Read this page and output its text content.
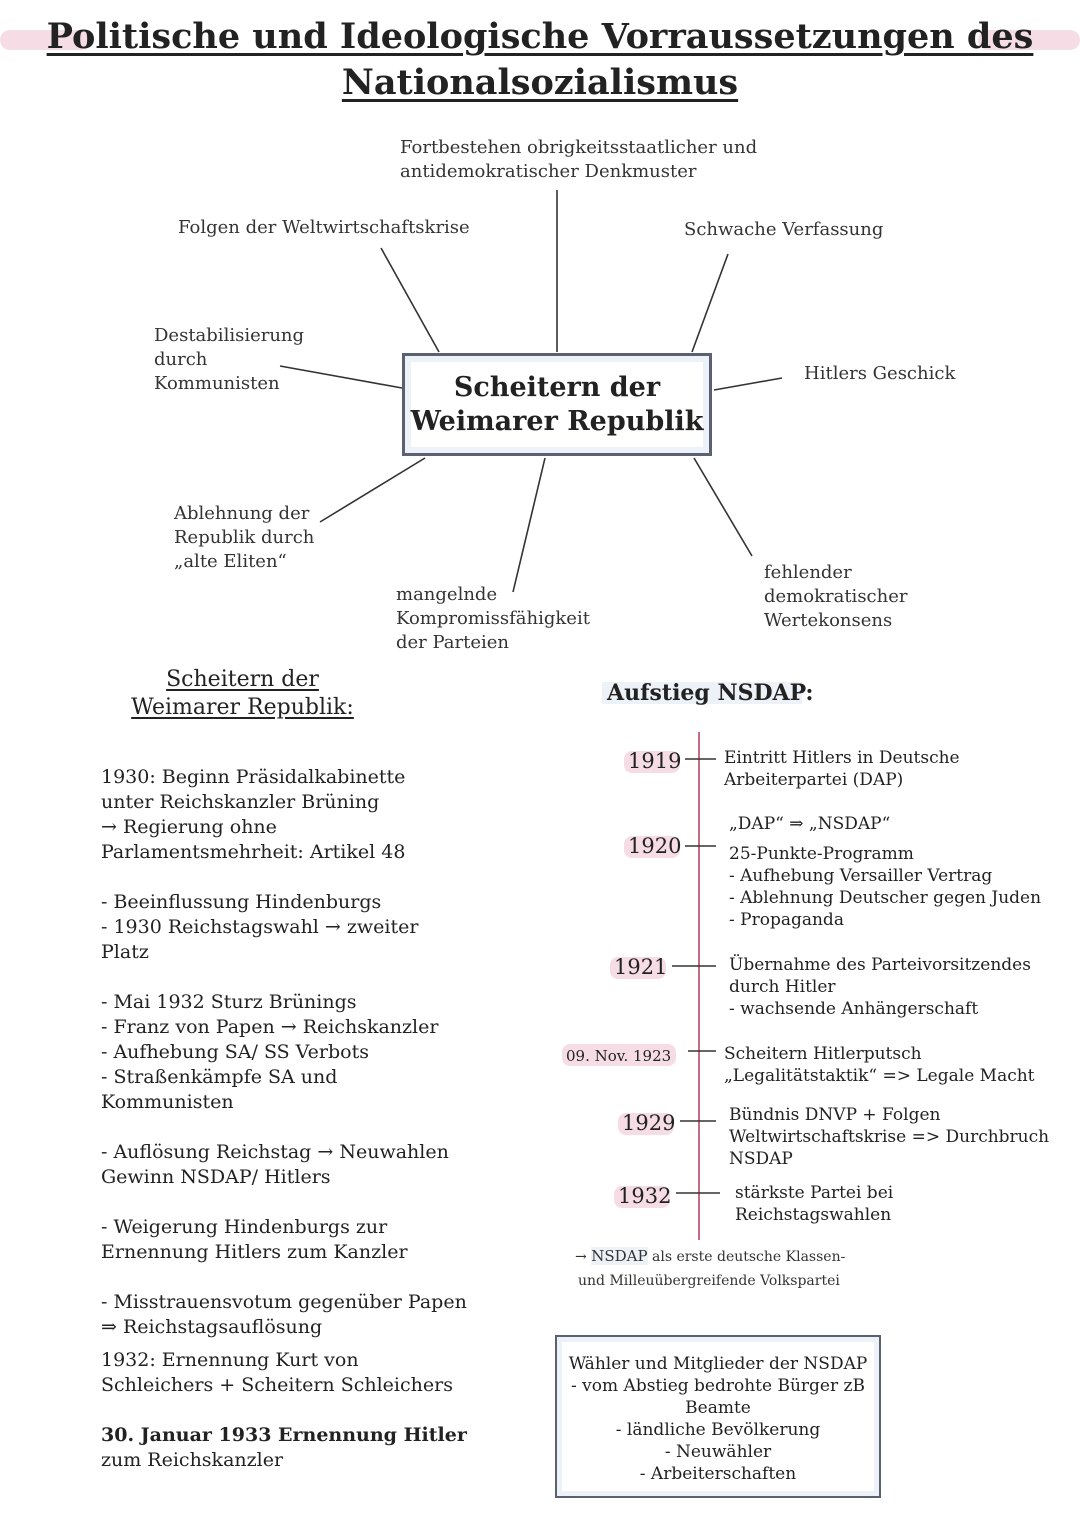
Politische und Ideologische Vorraussetzungen des
Nationalsozialismus
Fortbestehen obrigkeitsstaatlicher und
antidemokratischer Denkmuster
Folgen der Weltwirtschaftskrise	Schwache Verfassung
Destabilisierung
durch
Kommunisten	Hitlers Geschick
Ablehnung der
Republik durch
„alte Eliten“
mangelnde
Kompromissfähigkeit
der Parteien
fehlender
demokratischer
Wertekonsens
Scheitern der
Weimarer Republik
Scheitern der
Weimarer Republik:
1930: Beginn Präsidalkabinette
unter Reichskanzler Brüning
→ Regierung ohne
Parlamentsmehrheit: Artikel 48
- Beeinflussung Hindenburgs
- 1930 Reichstagswahl → zweiter
Platz
- Mai 1932 Sturz Brünings
- Franz von Papen → Reichskanzler
- Aufhebung SA/ SS Verbots
- Straßenkämpfe SA und
Kommunisten
- Auflösung Reichstag → Neuwahlen
Gewinn NSDAP/ Hitlers
- Weigerung Hindenburgs zur
Ernennung Hitlers zum Kanzler
- Misstrauensvotum gegenüber Papen
⇒ Reichstagsauflösung
1932: Ernennung Kurt von
Schleichers + Scheitern Schleichers
30. Januar 1933 Ernennung Hitler
zum Reichskanzler
Aufstieg NSDAP:
1919	Eintritt Hitlers in Deutsche
Arbeiterpartei (DAP)
1920
„DAP“ ⇒ „NSDAP“
25-Punkte-Programm
- Aufhebung Versailler Vertrag
- Ablehnung Deutscher gegen Juden
- Propaganda
1921	Übernahme des Parteivorsitzendes
durch Hitler
- wachsende Anhängerschaft
09. Nov. 1923	Scheitern Hitlerputsch
„Legalitätstaktik“ => Legale Macht
1929	Bündnis DNVP + Folgen
Weltwirtschaftskrise => Durchbruch
NSDAP
1932	stärkste Partei bei
Reichstagswahlen
→ NSDAP als erste deutsche Klassen-
und Milleuübergreifende Volkspartei
Wähler und Mitglieder der NSDAP
- vom Abstieg bedrohte Bürger zB
Beamte
- ländliche Bevölkerung
- Neuwähler
- Arbeiterschaften
